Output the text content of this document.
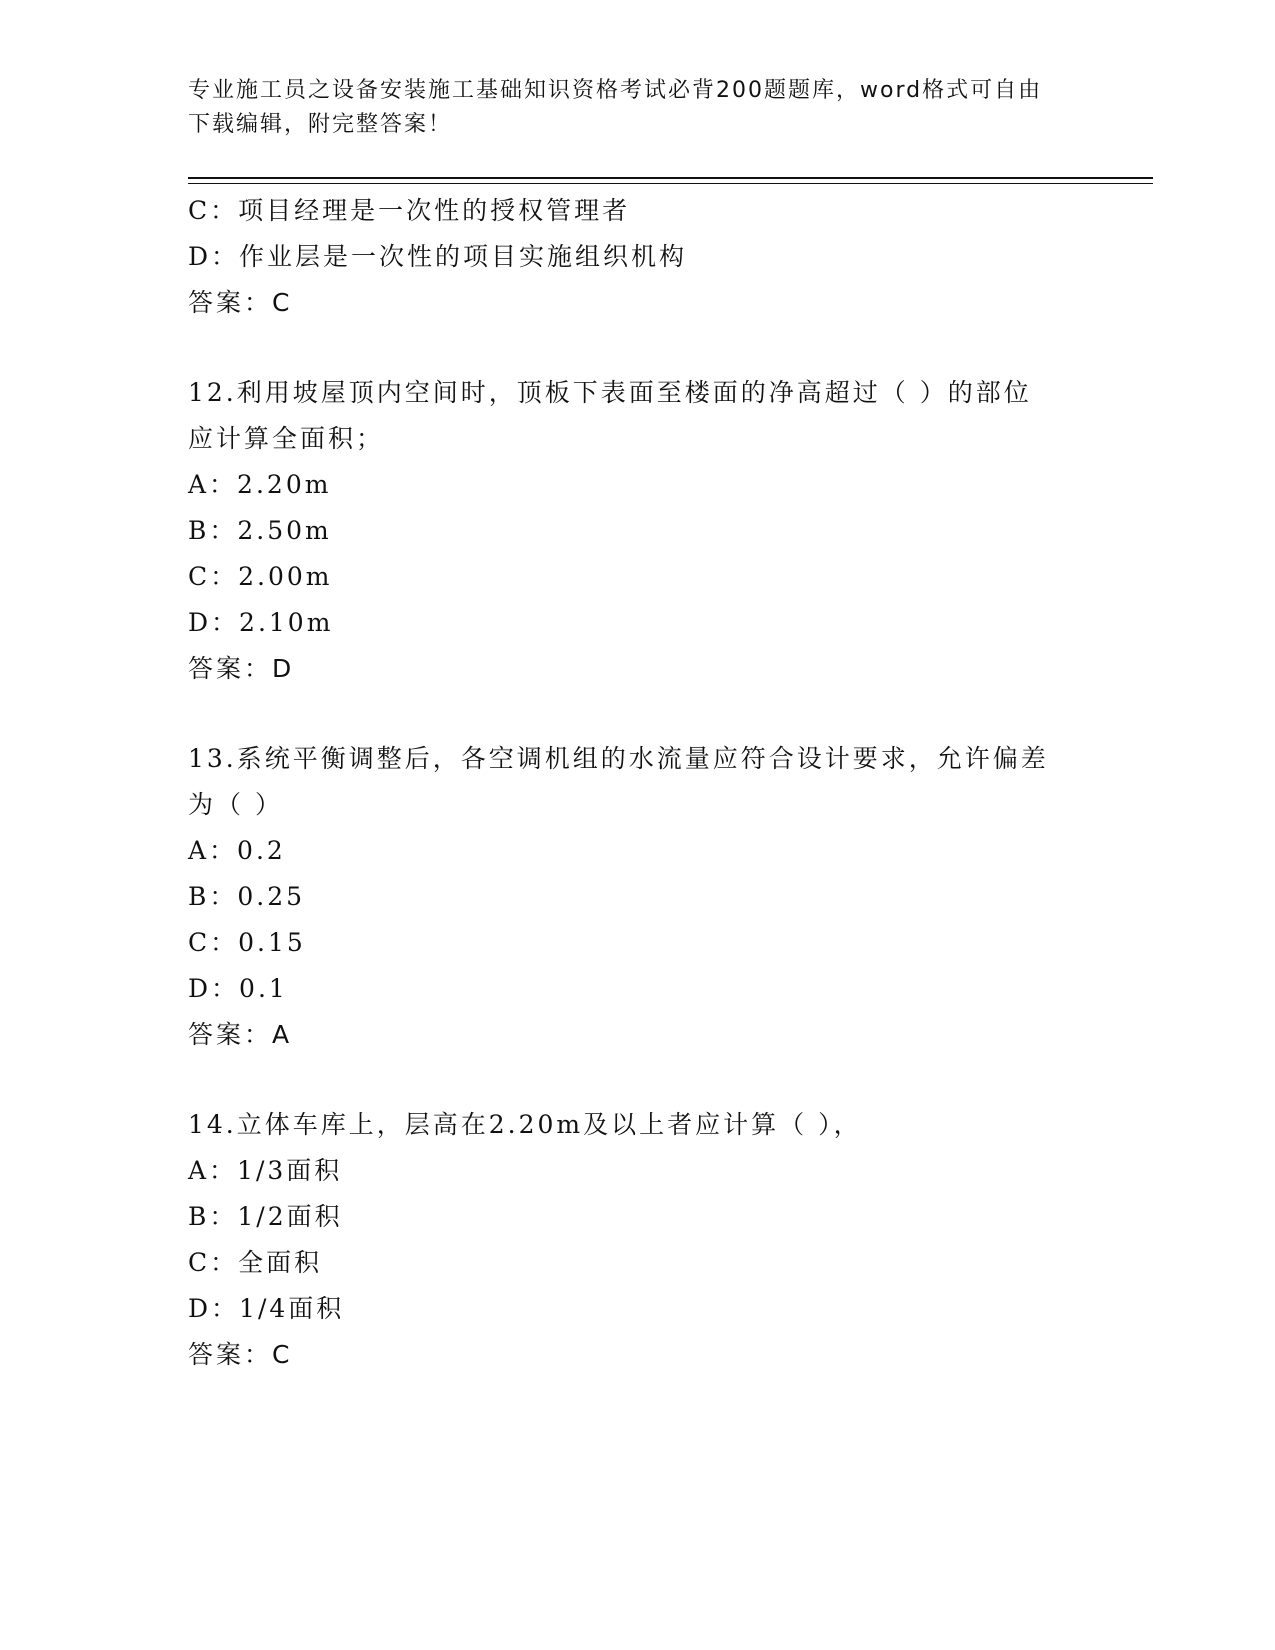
专业施工员之设备安装施工基础知识资格考试必背200题题库，word格式可自由
下载编辑，附完整答案！
C：项目经理是一次性的授权管理者
D：作业层是一次性的项目实施组织机构
答案：C
12.利用坡屋顶内空间时，顶板下表面至楼面的净高超过（ ）的部位
应计算全面积；
A：2.20m
B：2.50m
C：2.00m
D：2.10m
答案：D
13.系统平衡调整后，各空调机组的水流量应符合设计要求，允许偏差
为（ ）
A：0.2
B：0.25
C：0.15
D：0.1
答案：A
14.立体车库上，层高在2.20m及以上者应计算（ ），
A：1/3面积
B：1/2面积
C：全面积
D：1/4面积
答案：C
